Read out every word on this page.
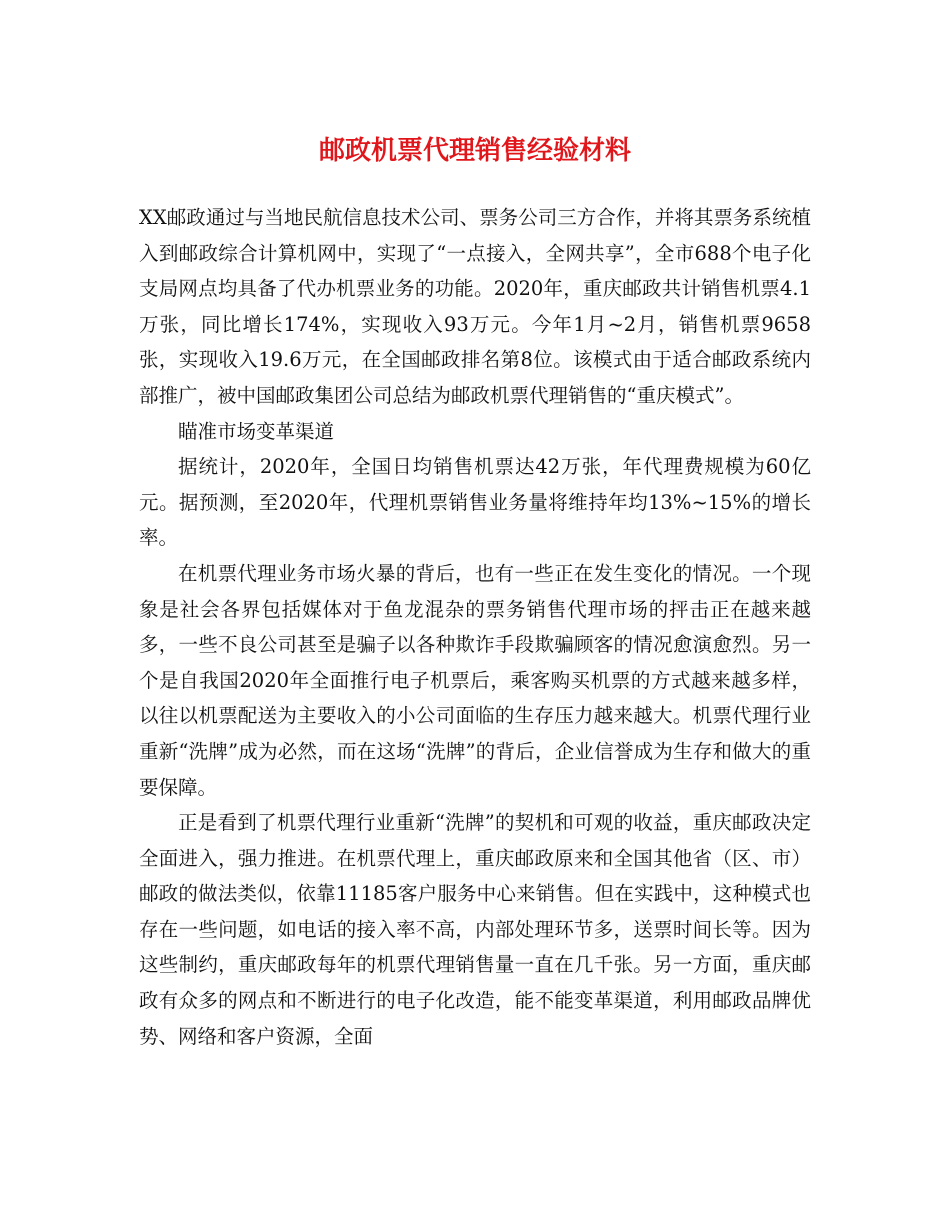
邮政机票代理销售经验材料

XX邮政通过与当地民航信息技术公司、票务公司三方合作，并将其票务系统植入到邮政综合计算机网中，实现了“一点接入，全网共享”，全市688个电子化支局网点均具备了代办机票业务的功能。2020年，重庆邮政共计销售机票4.1万张，同比增长174%，实现收入93万元。今年1月~2月，销售机票9658张，实现收入19.6万元，在全国邮政排名第8位。该模式由于适合邮政系统内部推广，被中国邮政集团公司总结为邮政机票代理销售的“重庆模式”。

瞄准市场变革渠道

据统计，2020年，全国日均销售机票达42万张，年代理费规模为60亿元。据预测，至2020年，代理机票销售业务量将维持年均13%~15%的增长率。

在机票代理业务市场火暴的背后，也有一些正在发生变化的情况。一个现象是社会各界包括媒体对于鱼龙混杂的票务销售代理市场的抨击正在越来越多，一些不良公司甚至是骗子以各种欺诈手段欺骗顾客的情况愈演愈烈。另一个是自我国2020年全面推行电子机票后，乘客购买机票的方式越来越多样，以往以机票配送为主要收入的小公司面临的生存压力越来越大。机票代理行业重新“洗牌”成为必然，而在这场“洗牌”的背后，企业信誉成为生存和做大的重要保障。

正是看到了机票代理行业重新“洗牌”的契机和可观的收益，重庆邮政决定全面进入，强力推进。在机票代理上，重庆邮政原来和全国其他省（区、市）邮政的做法类似，依靠11185客户服务中心来销售。但在实践中，这种模式也存在一些问题，如电话的接入率不高，内部处理环节多，送票时间长等。因为这些制约，重庆邮政每年的机票代理销售量一直在几千张。另一方面，重庆邮政有众多的网点和不断进行的电子化改造，能不能变革渠道，利用邮政品牌优势、网络和客户资源，全面
